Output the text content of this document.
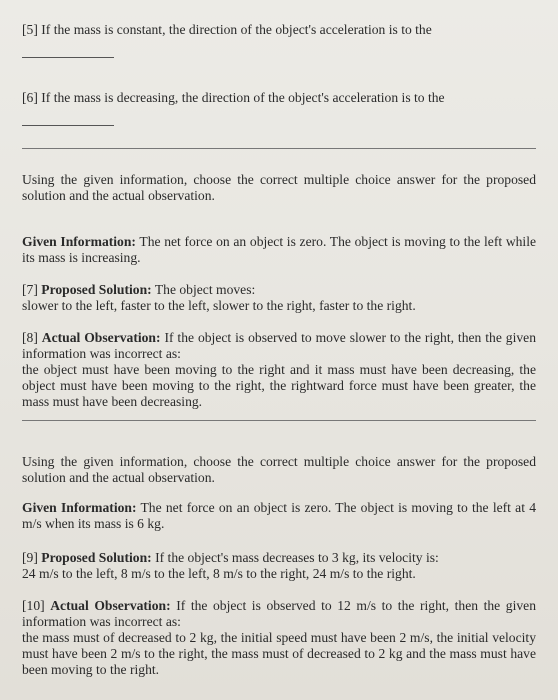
[5] If the mass is constant, the direction of the object's acceleration is to the

[6] If the mass is decreasing, the direction of the object's acceleration is to the

Using the given information, choose the correct multiple choice answer for the proposed solution and the actual observation.
Given Information: The net force on an object is zero. The object is moving to the left while its mass is increasing.

[7] Proposed Solution: The object moves:

slower to the left, faster to the left, slower to the right, faster to the right.

[8] Actual Observation: If the object is observed to move slower to the right, then the given information was incorrect as:

the object must have been moving to the right and it mass must have been decreasing, the object must have been moving to the right, the rightward force must have been greater, the mass must have been decreasing.

Using the given information, choose the correct multiple choice answer for the proposed solution and the actual observation.
Given Information: The net force on an object is zero. The object is moving to the left at 4 m/s when its mass is 6 kg.

[9] Proposed Solution: If the object's mass decreases to 3 kg, its velocity is:

24 m/s to the left, 8 m/s to the left, 8 m/s to the right, 24 m/s to the right.

[10] Actual Observation: If the object is observed to 12 m/s to the right, then the given information was incorrect as:

the mass must of decreased to 2 kg, the initial speed must have been 2 m/s, the initial velocity must have been 2 m/s to the right, the mass must of decreased to 2 kg and the mass must have been moving to the right.
